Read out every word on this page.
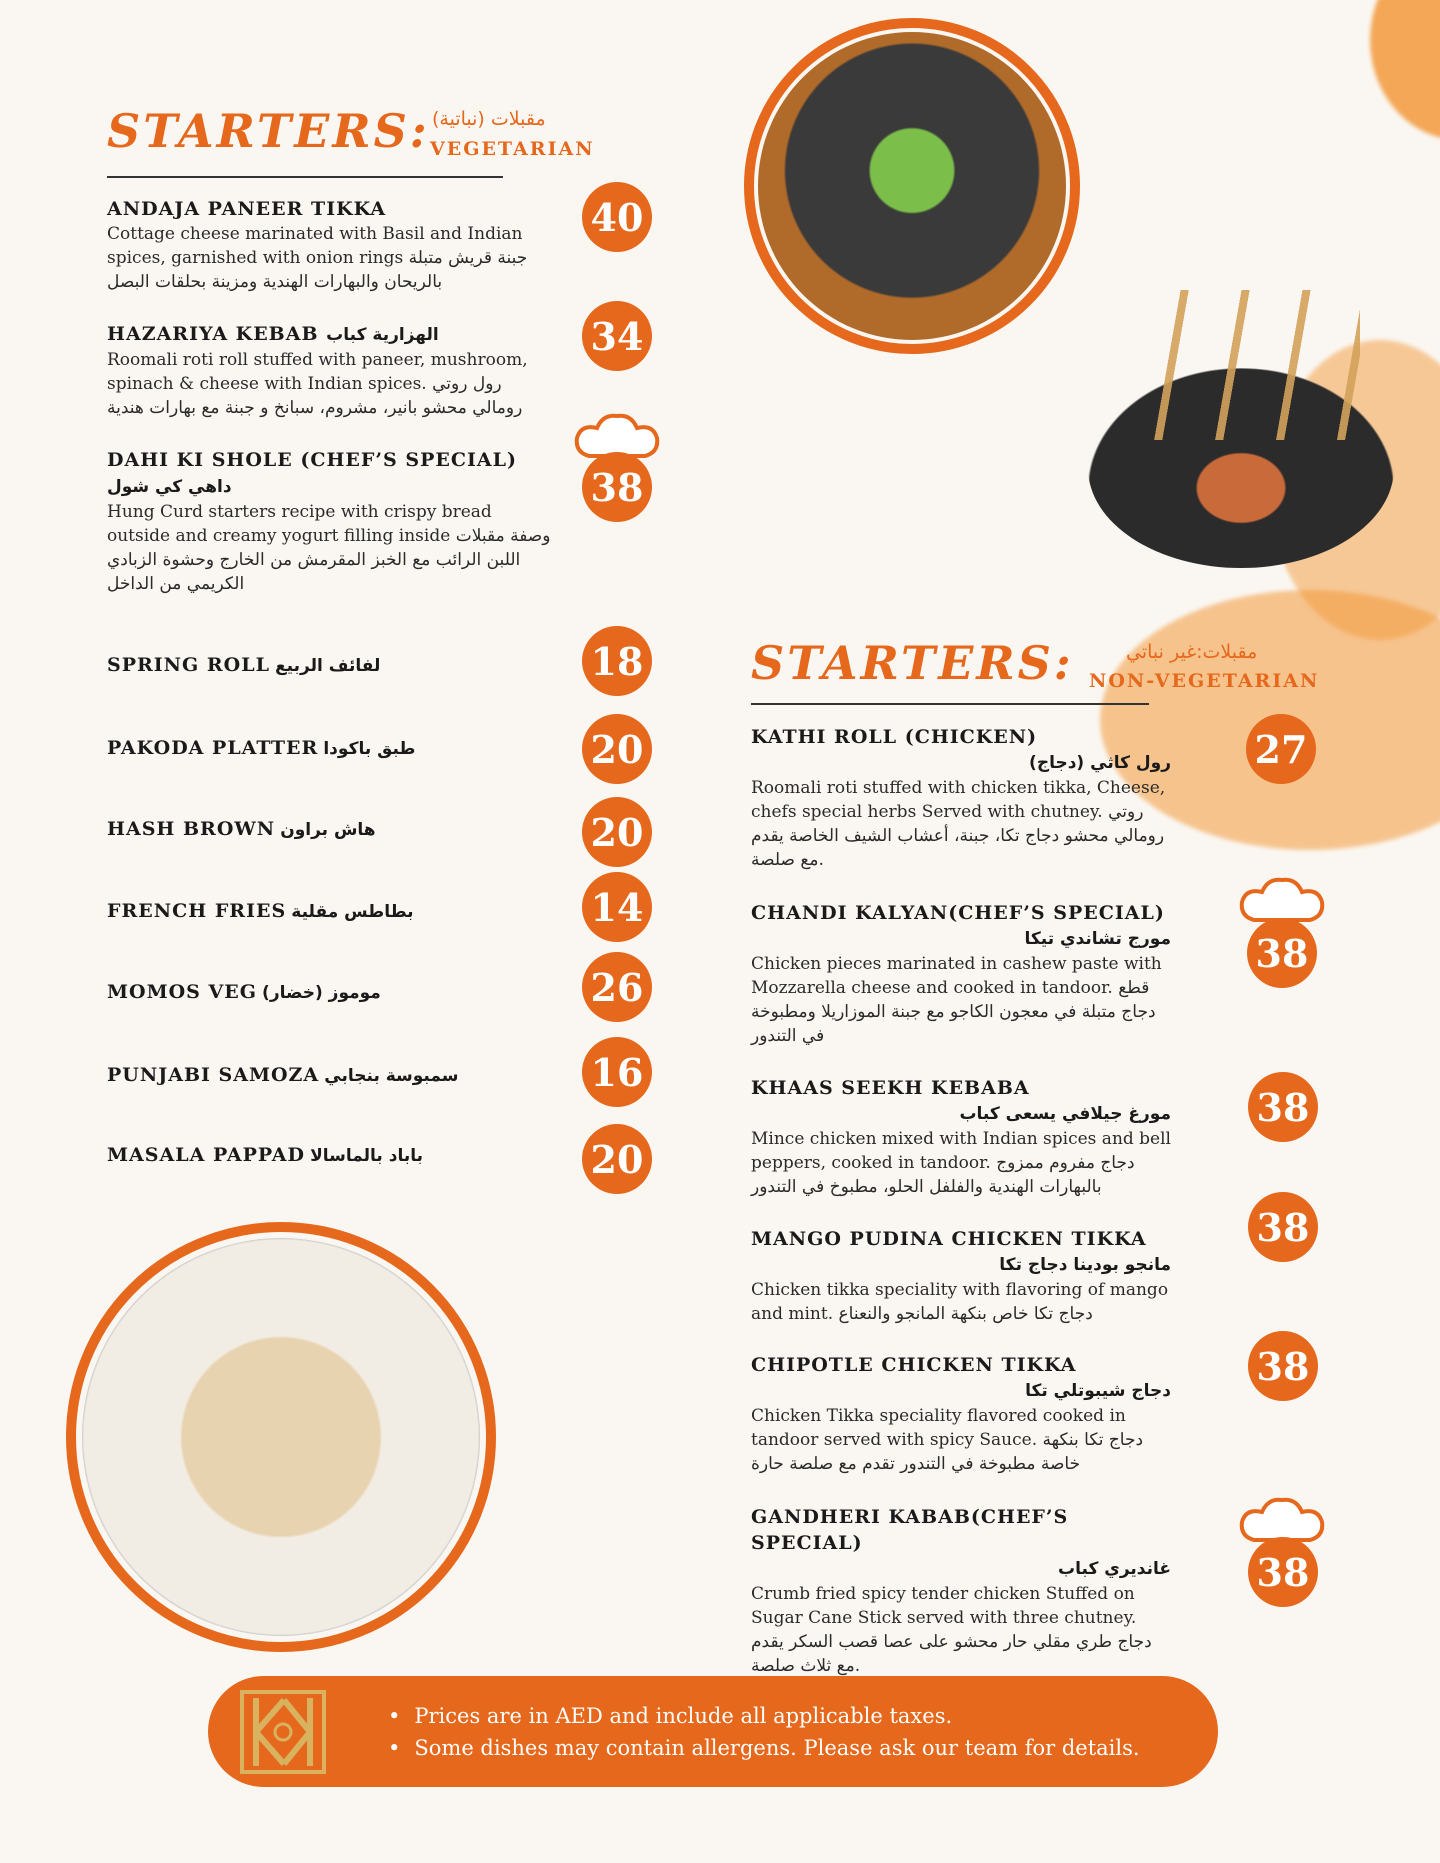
STARTERS: مقبلات (نباتية)
VEGETARIAN
ANDAJA PANEER TIKKA
Cottage cheese marinated with Basil and Indian spices, garnished with onion rings جبنة قريش متبلة بالريحان والبهارات الهندية ومزينة بحلقات البصل
40
HAZARIYA KEBAB الهزارية كباب
Roomali roti roll stuffed with paneer, mushroom, spinach & cheese with Indian spices. رول روتي رومالي محشو بانير، مشروم، سبانخ و جبنة مع بهارات هندية
34
DAHI KI SHOLE (CHEF’S SPECIAL) داهي كي شول
Hung Curd starters recipe with crispy bread outside and creamy yogurt filling inside وصفة مقبلات اللبن الرائب مع الخبز المقرمش من الخارج وحشوة الزبادي الكريمي من الداخل
38
SPRING ROLL لفائف الربيع	18
PAKODA PLATTER طبق باكودا	20
HASH BROWN هاش براون	20
FRENCH FRIES بطاطس مقلية	14
MOMOS VEG موموز (خضار)	26
PUNJABI SAMOZA سمبوسة بنجابي	16
MASALA PAPPAD باباد بالماسالا	20
STARTERS:	مقبلات:غير نباتي
NON-VEGETARIAN
KATHI ROLL (CHICKEN)
رول كاثي (دجاج)
Roomali roti stuffed with chicken tikka, Cheese, chefs special herbs Served with chutney. روتي رومالي محشو دجاج تكا، جبنة، أعشاب الشيف الخاصة يقدم مع صلصة.
27
CHANDI KALYAN(CHEF’S SPECIAL)
مورج تشاندي تيكا
Chicken pieces marinated in cashew paste with Mozzarella cheese and cooked in tandoor. قطع دجاج متبلة في معجون الكاجو مع جبنة الموزاريلا ومطبوخة في التندور
38
KHAAS SEEKH KEBABA
مورغ جيلافي يسعى كباب
Mince chicken mixed with Indian spices and bell peppers, cooked in tandoor. دجاج مفروم ممزوج بالبهارات الهندية والفلفل الحلو، مطبوخ في التندور
38
MANGO PUDINA CHICKEN TIKKA
مانجو بودينا دجاج تكا
Chicken tikka speciality with flavoring of mango and mint. دجاج تكا خاص بنكهة المانجو والنعناع
38
CHIPOTLE CHICKEN TIKKA
دجاج شيبوتلي تكا
Chicken Tikka speciality flavored cooked in tandoor served with spicy Sauce. دجاج تكا بنكهة خاصة مطبوخة في التندور تقدم مع صلصة حارة
38
GANDHERI KABAB(CHEF’S SPECIAL)
غانديري كباب
Crumb fried spicy tender chicken Stuffed on Sugar Cane Stick served with three chutney. دجاج طري مقلي حار محشو على عصا قصب السكر يقدم مع ثلاث صلصة.
38
• Prices are in AED and include all applicable taxes.
• Some dishes may contain allergens. Please ask our team for details.
